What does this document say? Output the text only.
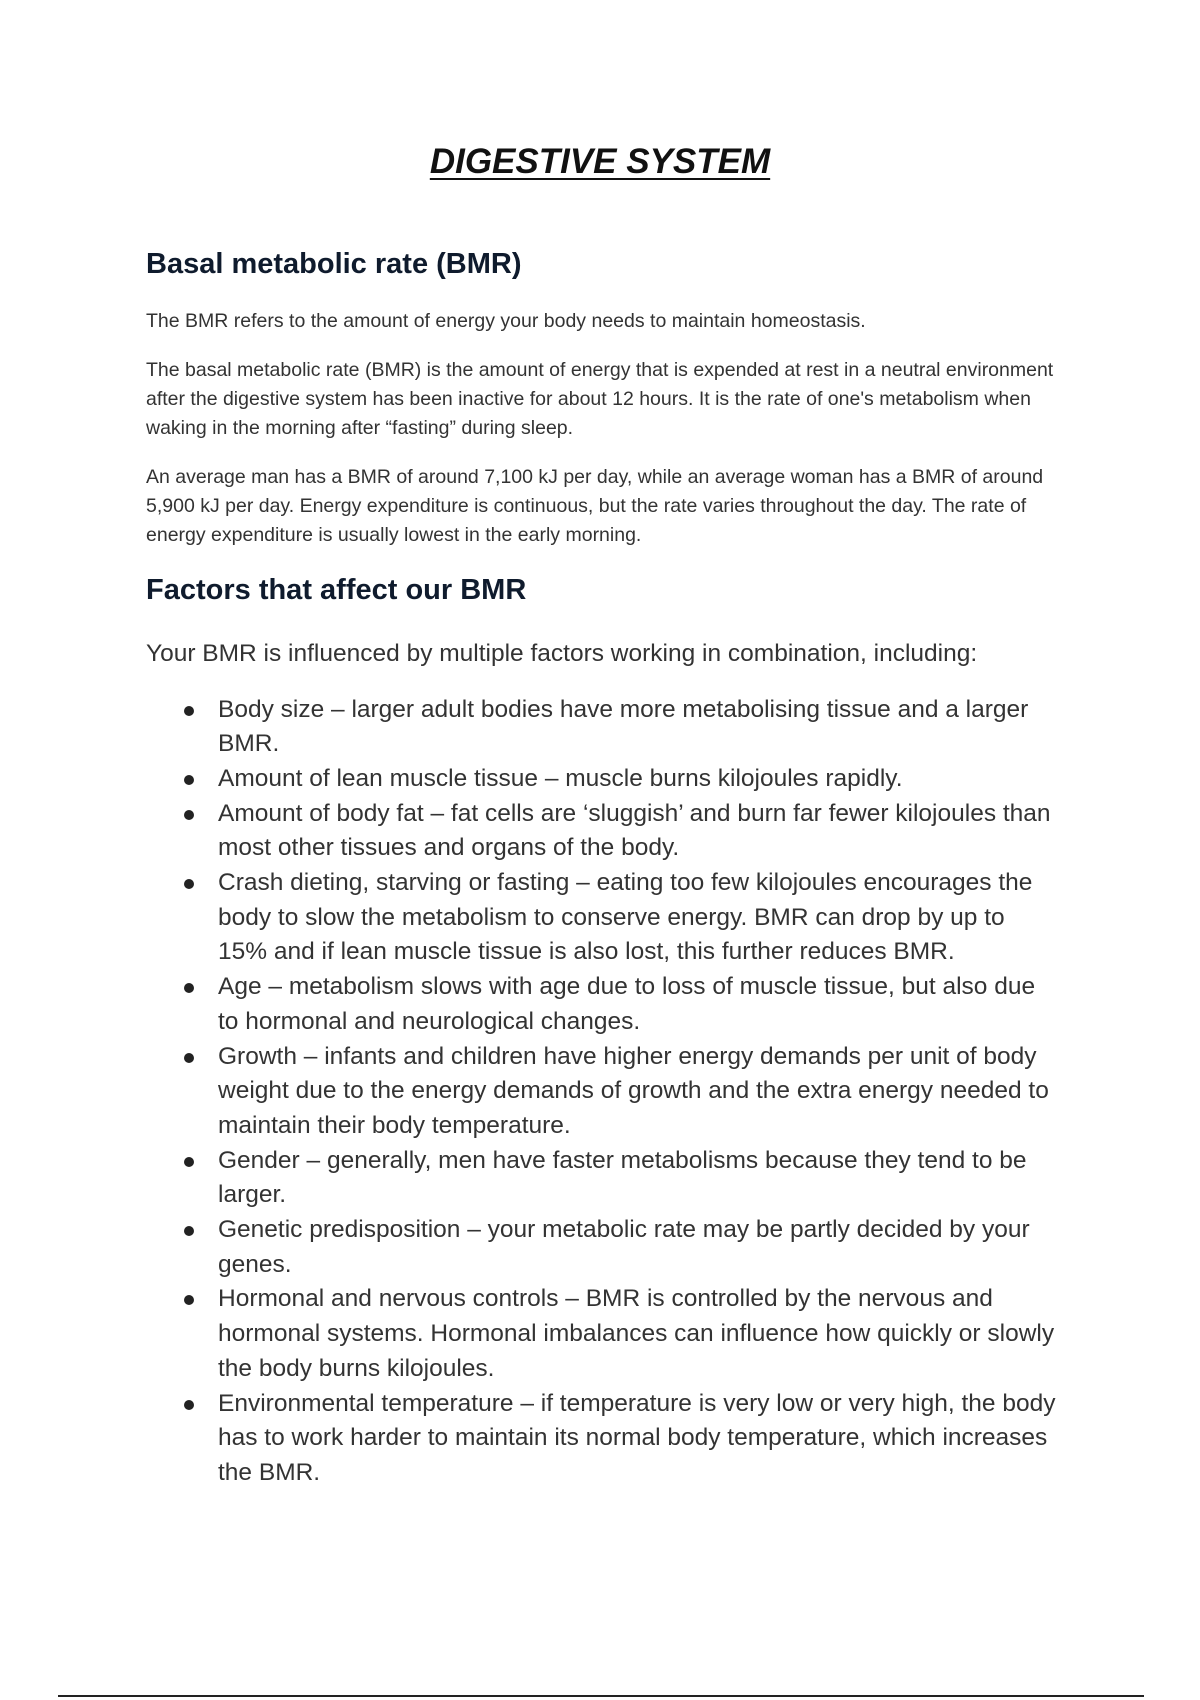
DIGESTIVE SYSTEM
Basal metabolic rate (BMR)

The BMR refers to the amount of energy your body needs to maintain homeostasis.

The basal metabolic rate (BMR) is the amount of energy that is expended at rest in a neutral environment after the digestive system has been inactive for about 12 hours. It is the rate of one's metabolism when waking in the morning after “fasting” during sleep.

An average man has a BMR of around 7,100 kJ per day, while an average woman has a BMR of around 5,900 kJ per day. Energy expenditure is continuous, but the rate varies throughout the day. The rate of energy expenditure is usually lowest in the early morning.

Factors that affect our BMR

Your BMR is influenced by multiple factors working in combination, including:

Body size – larger adult bodies have more metabolising tissue and a larger BMR.
Amount of lean muscle tissue – muscle burns kilojoules rapidly.
Amount of body fat – fat cells are ‘sluggish’ and burn far fewer kilojoules than most other tissues and organs of the body.
Crash dieting, starving or fasting – eating too few kilojoules encourages the body to slow the metabolism to conserve energy. BMR can drop by up to 15% and if lean muscle tissue is also lost, this further reduces BMR.
Age – metabolism slows with age due to loss of muscle tissue, but also due to hormonal and neurological changes.
Growth – infants and children have higher energy demands per unit of body weight due to the energy demands of growth and the extra energy needed to maintain their body temperature.
Gender – generally, men have faster metabolisms because they tend to be larger.
Genetic predisposition – your metabolic rate may be partly decided by your genes.
Hormonal and nervous controls – BMR is controlled by the nervous and hormonal systems. Hormonal imbalances can influence how quickly or slowly the body burns kilojoules.
Environmental temperature – if temperature is very low or very high, the body has to work harder to maintain its normal body temperature, which increases the BMR.
